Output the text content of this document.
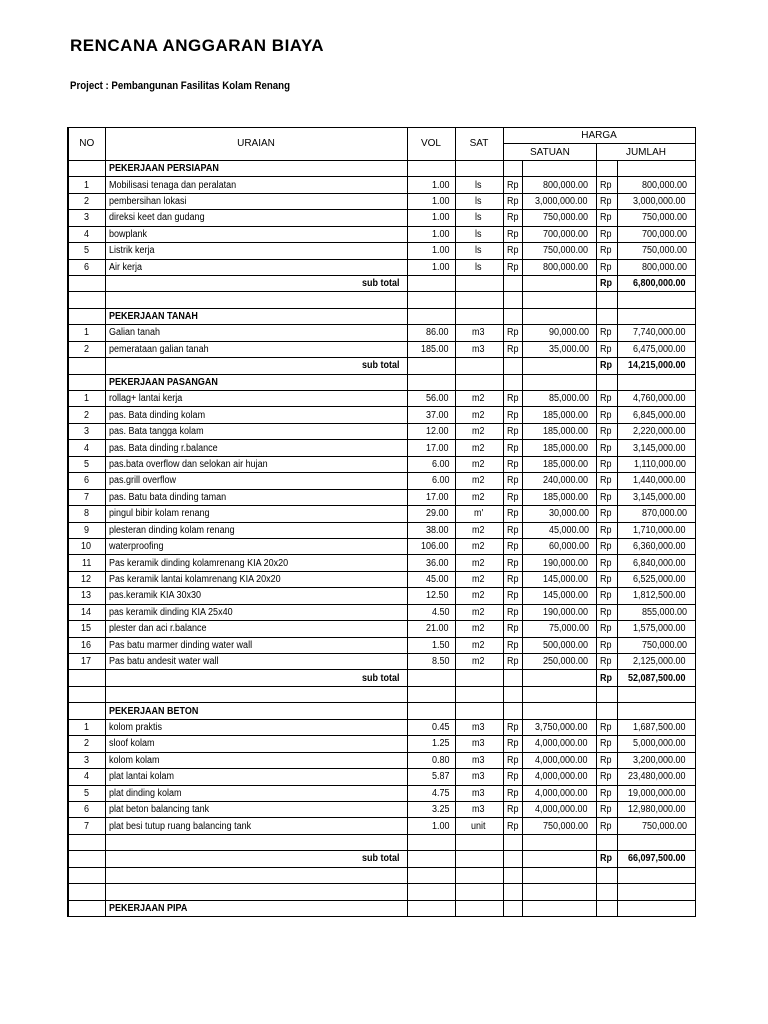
RENCANA ANGGARAN BIAYA
Project : Pembangunan Fasilitas Kolam Renang
NO	URAIAN	VOL	SAT	HARGA			
				SATUAN		JUMLAH	
	PEKERJAAN PERSIAPAN						
1	Mobilisasi tenaga dan peralatan	1.00	ls	Rp	800,000.00	Rp	800,000.00
2	pembersihan lokasi	1.00	ls	Rp	3,000,000.00	Rp	3,000,000.00
3	direksi keet dan gudang	1.00	ls	Rp	750,000.00	Rp	750,000.00
4	bowplank	1.00	ls	Rp	700,000.00	Rp	700,000.00
5	Listrik kerja	1.00	ls	Rp	750,000.00	Rp	750,000.00
6	Air kerja	1.00	ls	Rp	800,000.00	Rp	800,000.00
	sub total					Rp	6,800,000.00

	PEKERJAAN TANAH						
1	Galian tanah	86.00	m3	Rp	90,000.00	Rp	7,740,000.00
2	pemerataan galian tanah	185.00	m3	Rp	35,000.00	Rp	6,475,000.00
	sub total					Rp	14,215,000.00
	PEKERJAAN PASANGAN						
1	rollag+ lantai kerja	56.00	m2	Rp	85,000.00	Rp	4,760,000.00
2	pas. Bata dinding kolam	37.00	m2	Rp	185,000.00	Rp	6,845,000.00
3	pas. Bata tangga kolam	12.00	m2	Rp	185,000.00	Rp	2,220,000.00
4	pas. Bata dinding r.balance	17.00	m2	Rp	185,000.00	Rp	3,145,000.00
5	pas.bata overflow dan selokan air hujan	6.00	m2	Rp	185,000.00	Rp	1,110,000.00
6	pas.grill overflow	6.00	m2	Rp	240,000.00	Rp	1,440,000.00
7	pas. Batu bata dinding taman	17.00	m2	Rp	185,000.00	Rp	3,145,000.00
8	pingul bibir kolam renang	29.00	m'	Rp	30,000.00	Rp	870,000.00
9	plesteran dinding kolam renang	38.00	m2	Rp	45,000.00	Rp	1,710,000.00
10	waterproofing	106.00	m2	Rp	60,000.00	Rp	6,360,000.00
11	Pas keramik dinding kolamrenang KIA 20x20	36.00	m2	Rp	190,000.00	Rp	6,840,000.00
12	Pas keramik lantai kolamrenang KIA 20x20	45.00	m2	Rp	145,000.00	Rp	6,525,000.00
13	pas.keramik KIA 30x30	12.50	m2	Rp	145,000.00	Rp	1,812,500.00
14	pas keramik dinding KIA 25x40	4.50	m2	Rp	190,000.00	Rp	855,000.00
15	plester dan aci r.balance	21.00	m2	Rp	75,000.00	Rp	1,575,000.00
16	Pas batu marmer dinding water wall	1.50	m2	Rp	500,000.00	Rp	750,000.00
17	Pas batu andesit water wall	8.50	m2	Rp	250,000.00	Rp	2,125,000.00
	sub total					Rp	52,087,500.00

	PEKERJAAN BETON						
1	kolom praktis	0.45	m3	Rp	3,750,000.00	Rp	1,687,500.00
2	sloof kolam	1.25	m3	Rp	4,000,000.00	Rp	5,000,000.00
3	kolom kolam	0.80	m3	Rp	4,000,000.00	Rp	3,200,000.00
4	plat lantai kolam	5.87	m3	Rp	4,000,000.00	Rp	23,480,000.00
5	plat dinding kolam	4.75	m3	Rp	4,000,000.00	Rp	19,000,000.00
6	plat beton balancing tank	3.25	m3	Rp	4,000,000.00	Rp	12,980,000.00
7	plat besi tutup ruang balancing tank	1.00	unit	Rp	750,000.00	Rp	750,000.00

	sub total					Rp	66,097,500.00

	PEKERJAAN PIPA						
